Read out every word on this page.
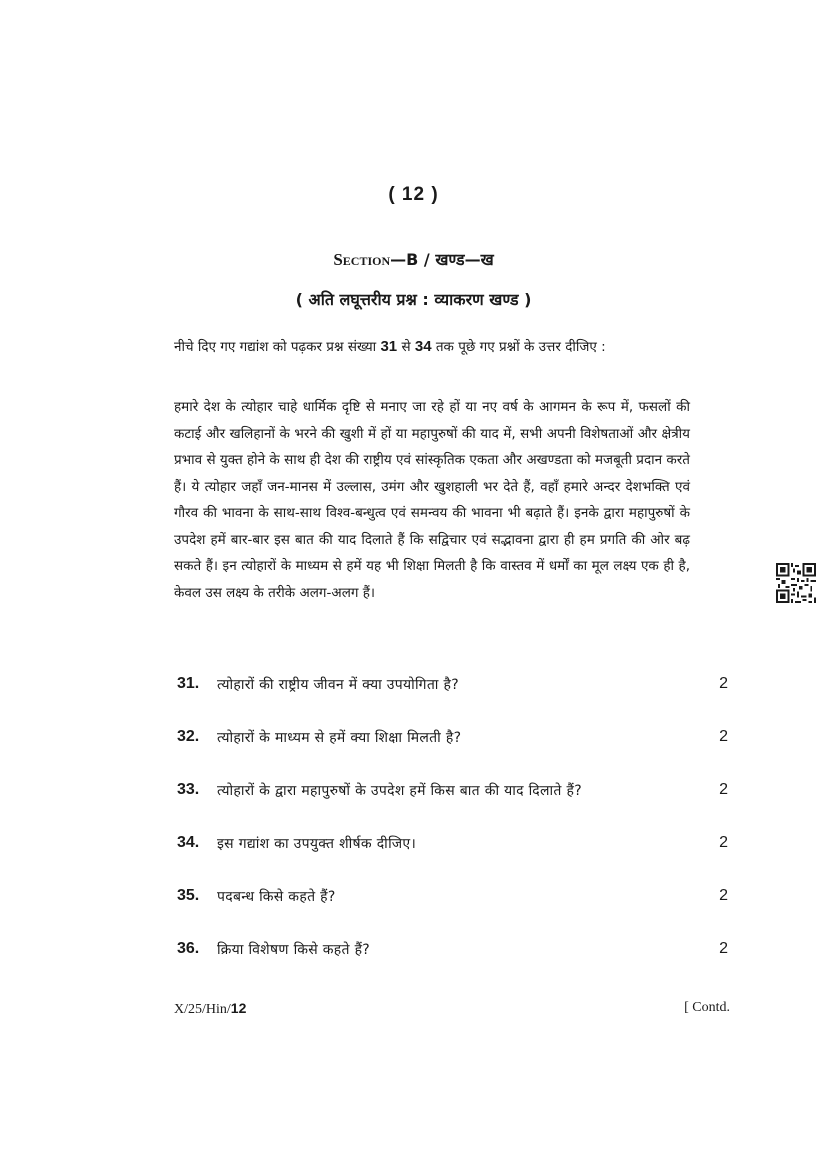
( 12 )
Section—B / खण्ड—ख
( अति लघूत्तरीय प्रश्न : व्याकरण खण्ड )
नीचे दिए गए गद्यांश को पढ़कर प्रश्न संख्या 31 से 34 तक पूछे गए प्रश्नों के उत्तर दीजिए :
हमारे देश के त्योहार चाहे धार्मिक दृष्टि से मनाए जा रहे हों या नए वर्ष के आगमन के रूप में, फसलों की कटाई और खलिहानों के भरने की खुशी में हों या महापुरुषों की याद में, सभी अपनी विशेषताओं और क्षेत्रीय प्रभाव से युक्त होने के साथ ही देश की राष्ट्रीय एवं सांस्कृतिक एकता और अखण्डता को मजबूती प्रदान करते हैं। ये त्योहार जहाँ जन-मानस में उल्लास, उमंग और खुशहाली भर देते हैं, वहाँ हमारे अन्दर देशभक्ति एवं गौरव की भावना के साथ-साथ विश्व-बन्धुत्व एवं समन्वय की भावना भी बढ़ाते हैं। इनके द्वारा महापुरुषों के उपदेश हमें बार-बार इस बात की याद दिलाते हैं कि सद्विचार एवं सद्भावना द्वारा ही हम प्रगति की ओर बढ़ सकते हैं। इन त्योहारों के माध्यम से हमें यह भी शिक्षा मिलती है कि वास्तव में धर्मों का मूल लक्ष्य एक ही है, केवल उस लक्ष्य के तरीके अलग-अलग हैं।
31. त्योहारों की राष्ट्रीय जीवन में क्या उपयोगिता है?	2
32. त्योहारों के माध्यम से हमें क्या शिक्षा मिलती है?	2
33. त्योहारों के द्वारा महापुरुषों के उपदेश हमें किस बात की याद दिलाते हैं?	2
34. इस गद्यांश का उपयुक्त शीर्षक दीजिए।	2
35. पदबन्ध किसे कहते हैं?	2
36. क्रिया विशेषण किसे कहते हैं?	2
X/25/Hin/12	[ Contd.
